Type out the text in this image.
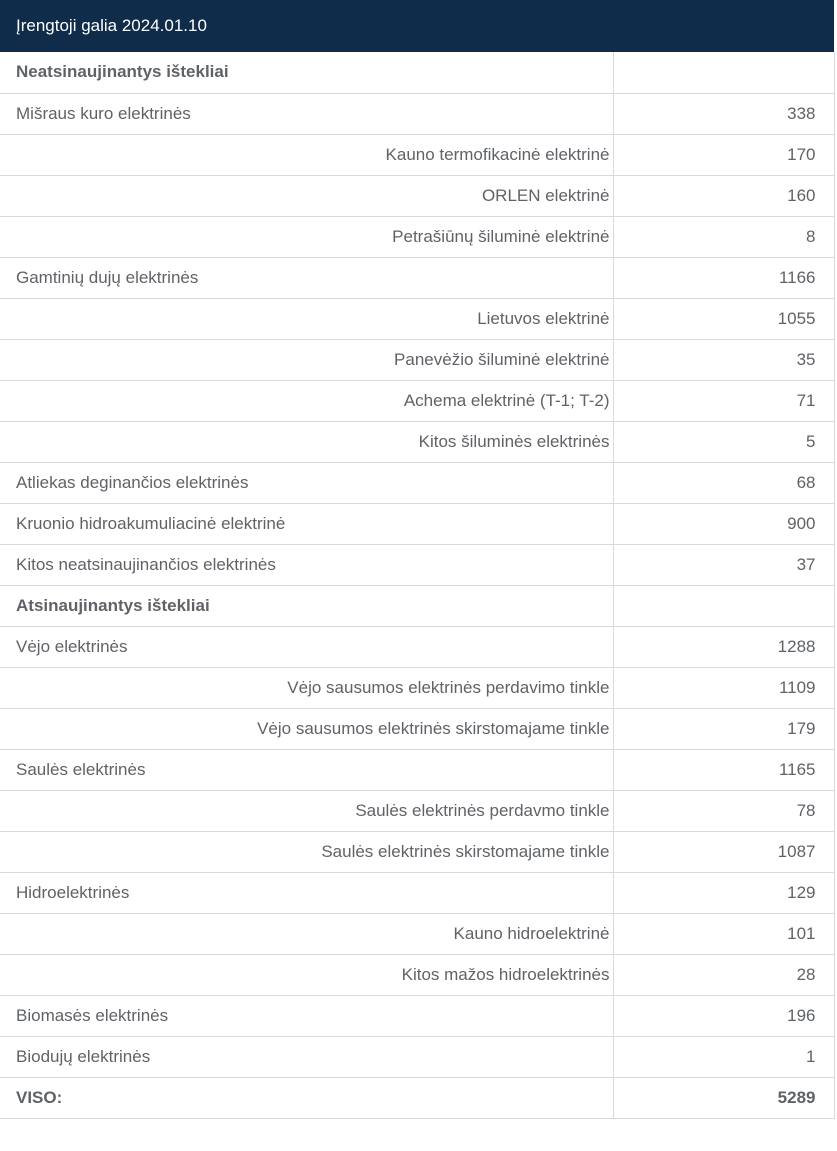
Įrengtoji galia 2024.01.10
Neatsinaujinantys ištekliai	
Mišraus kuro elektrinės	338
Kauno termofikacinė elektrinė	170
ORLEN elektrinė	160
Petrašiūnų šiluminė elektrinė	8
Gamtinių dujų elektrinės	1166
Lietuvos elektrinė	1055
Panevėžio šiluminė elektrinė	35
Achema elektrinė (T-1; T-2)	71
Kitos šiluminės elektrinės	5
Atliekas deginančios elektrinės	68
Kruonio hidroakumuliacinė elektrinė	900
Kitos neatsinaujinančios elektrinės	37
Atsinaujinantys ištekliai	
Vėjo elektrinės	1288
Vėjo sausumos elektrinės perdavimo tinkle	1109
Vėjo sausumos elektrinės skirstomajame tinkle	179
Saulės elektrinės	1165
Saulės elektrinės perdavmo tinkle	78
Saulės elektrinės skirstomajame tinkle	1087
Hidroelektrinės	129
Kauno hidroelektrinė	101
Kitos mažos hidroelektrinės	28
Biomasės elektrinės	196
Biodujų elektrinės	1
VISO:	5289
